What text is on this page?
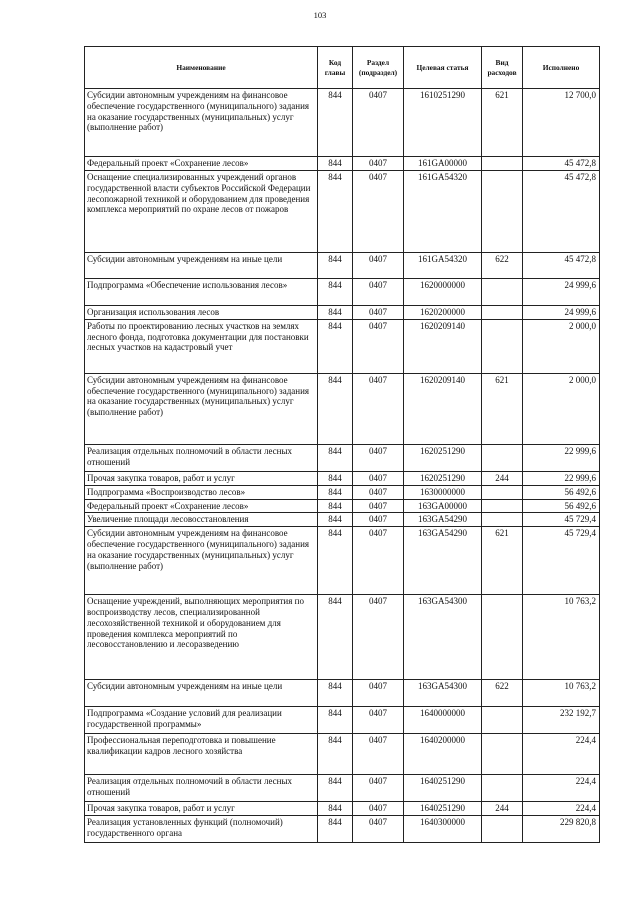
103
Наименование	Код главы	Раздел (подраздел)	Целевая статья	Вид расходов	Исполнено
Субсидии автономным учреждениям на финансовое обеспечение государственного (муниципального) задания на оказание государственных (муниципальных) услуг (выполнение работ)	844	0407	1610251290	621	12 700,0
Федеральный проект «Сохранение лесов»	844	0407	161GA00000		45 472,8
Оснащение специализированных учреждений органов государственной власти субъектов Российской Федерации лесопожарной техникой и оборудованием для проведения комплекса мероприятий по охране лесов от пожаров	844	0407	161GA54320		45 472,8
Субсидии автономным учреждениям на иные цели	844	0407	161GA54320	622	45 472,8
Подпрограмма «Обеспечение использования лесов»	844	0407	1620000000		24 999,6
Организация использования лесов	844	0407	1620200000		24 999,6
Работы по проектированию лесных участков на землях лесного фонда, подготовка документации для постановки лесных участков на кадастровый учет	844	0407	1620209140		2 000,0
Субсидии автономным учреждениям на финансовое обеспечение государственного (муниципального) задания на оказание государственных (муниципальных) услуг (выполнение работ)	844	0407	1620209140	621	2 000,0
Реализация отдельных полномочий в области лесных отношений	844	0407	1620251290		22 999,6
Прочая закупка товаров, работ и услуг	844	0407	1620251290	244	22 999,6
Подпрограмма «Воспроизводство лесов»	844	0407	1630000000		56 492,6
Федеральный проект «Сохранение лесов»	844	0407	163GA00000		56 492,6
Увеличение площади лесовосстановления	844	0407	163GA54290		45 729,4
Субсидии автономным учреждениям на финансовое обеспечение государственного (муниципального) задания на оказание государственных (муниципальных) услуг (выполнение работ)	844	0407	163GA54290	621	45 729,4
Оснащение учреждений, выполняющих мероприятия по воспроизводству лесов, специализированной лесохозяйственной техникой и оборудованием для проведения комплекса мероприятий по лесовосстановлению и лесоразведению	844	0407	163GA54300		10 763,2
Субсидии автономным учреждениям на иные цели	844	0407	163GA54300	622	10 763,2
Подпрограмма «Создание условий для реализации государственной программы»	844	0407	1640000000		232 192,7
Профессиональная переподготовка и повышение квалификации кадров лесного хозяйства	844	0407	1640200000		224,4
Реализация отдельных полномочий в области лесных отношений	844	0407	1640251290		224,4
Прочая закупка товаров, работ и услуг	844	0407	1640251290	244	224,4
Реализация установленных функций (полномочий) государственного органа	844	0407	1640300000		229 820,8
